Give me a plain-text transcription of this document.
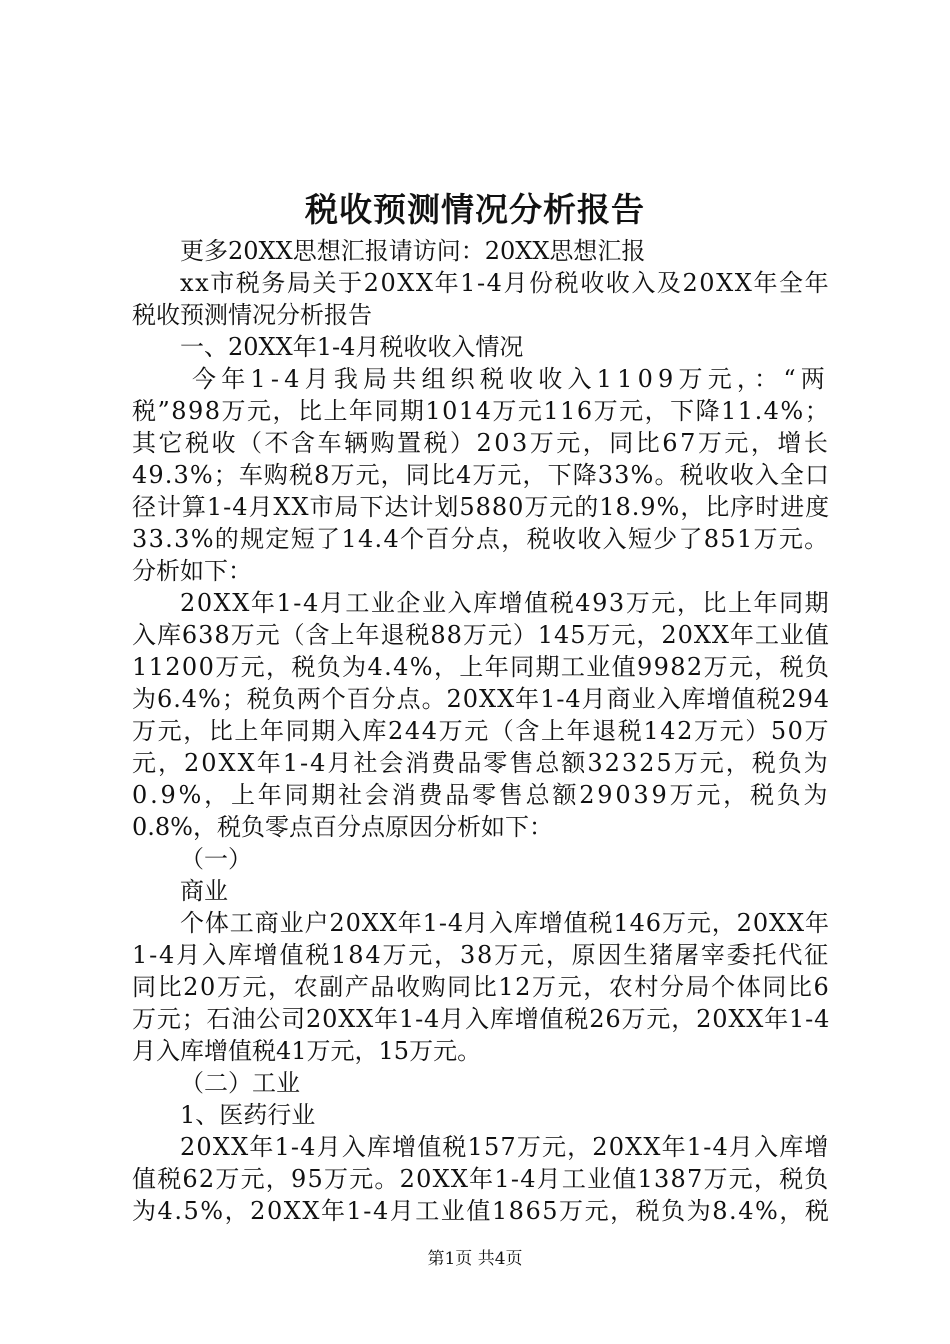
税收预测情况分析报告
更多20XX思想汇报请访问：20XX思想汇报
xx市税务局关于20XX年1-4月份税收收入及20XX年全年
税收预测情况分析报告
一、20XX年1-4月税收收入情况
今年1-4月我局共组织税收收入1109万元，：“两
税”898万元，比上年同期1014万元116万元，下降11.4%；
其它税收（不含车辆购置税）203万元，同比67万元，增长
49.3%；车购税8万元，同比4万元，下降33%。税收收入全口
径计算1-4月XX市局下达计划5880万元的18.9%，比序时进度
33.3%的规定短了14.4个百分点，税收收入短少了851万元。
分析如下：
20XX年1-4月工业企业入库增值税493万元，比上年同期
入库638万元（含上年退税88万元）145万元，20XX年工业值
11200万元，税负为4.4%，上年同期工业值9982万元，税负
为6.4%；税负两个百分点。20XX年1-4月商业入库增值税294
万元，比上年同期入库244万元（含上年退税142万元）50万
元，20XX年1-4月社会消费品零售总额32325万元，税负为
0.9%，上年同期社会消费品零售总额29039万元，税负为
0.8%，税负零点百分点原因分析如下：
（一）
商业
个体工商业户20XX年1-4月入库增值税146万元，20XX年
1-4月入库增值税184万元，38万元，原因生猪屠宰委托代征
同比20万元，农副产品收购同比12万元，农村分局个体同比6
万元；石油公司20XX年1-4月入库增值税26万元，20XX年1-4
月入库增值税41万元，15万元。
（二）工业
1、医药行业
20XX年1-4月入库增值税157万元，20XX年1-4月入库增
值税62万元，95万元。20XX年1-4月工业值1387万元，税负
为4.5%，20XX年1-4月工业值1865万元，税负为8.4%，税
第1页 共4页
